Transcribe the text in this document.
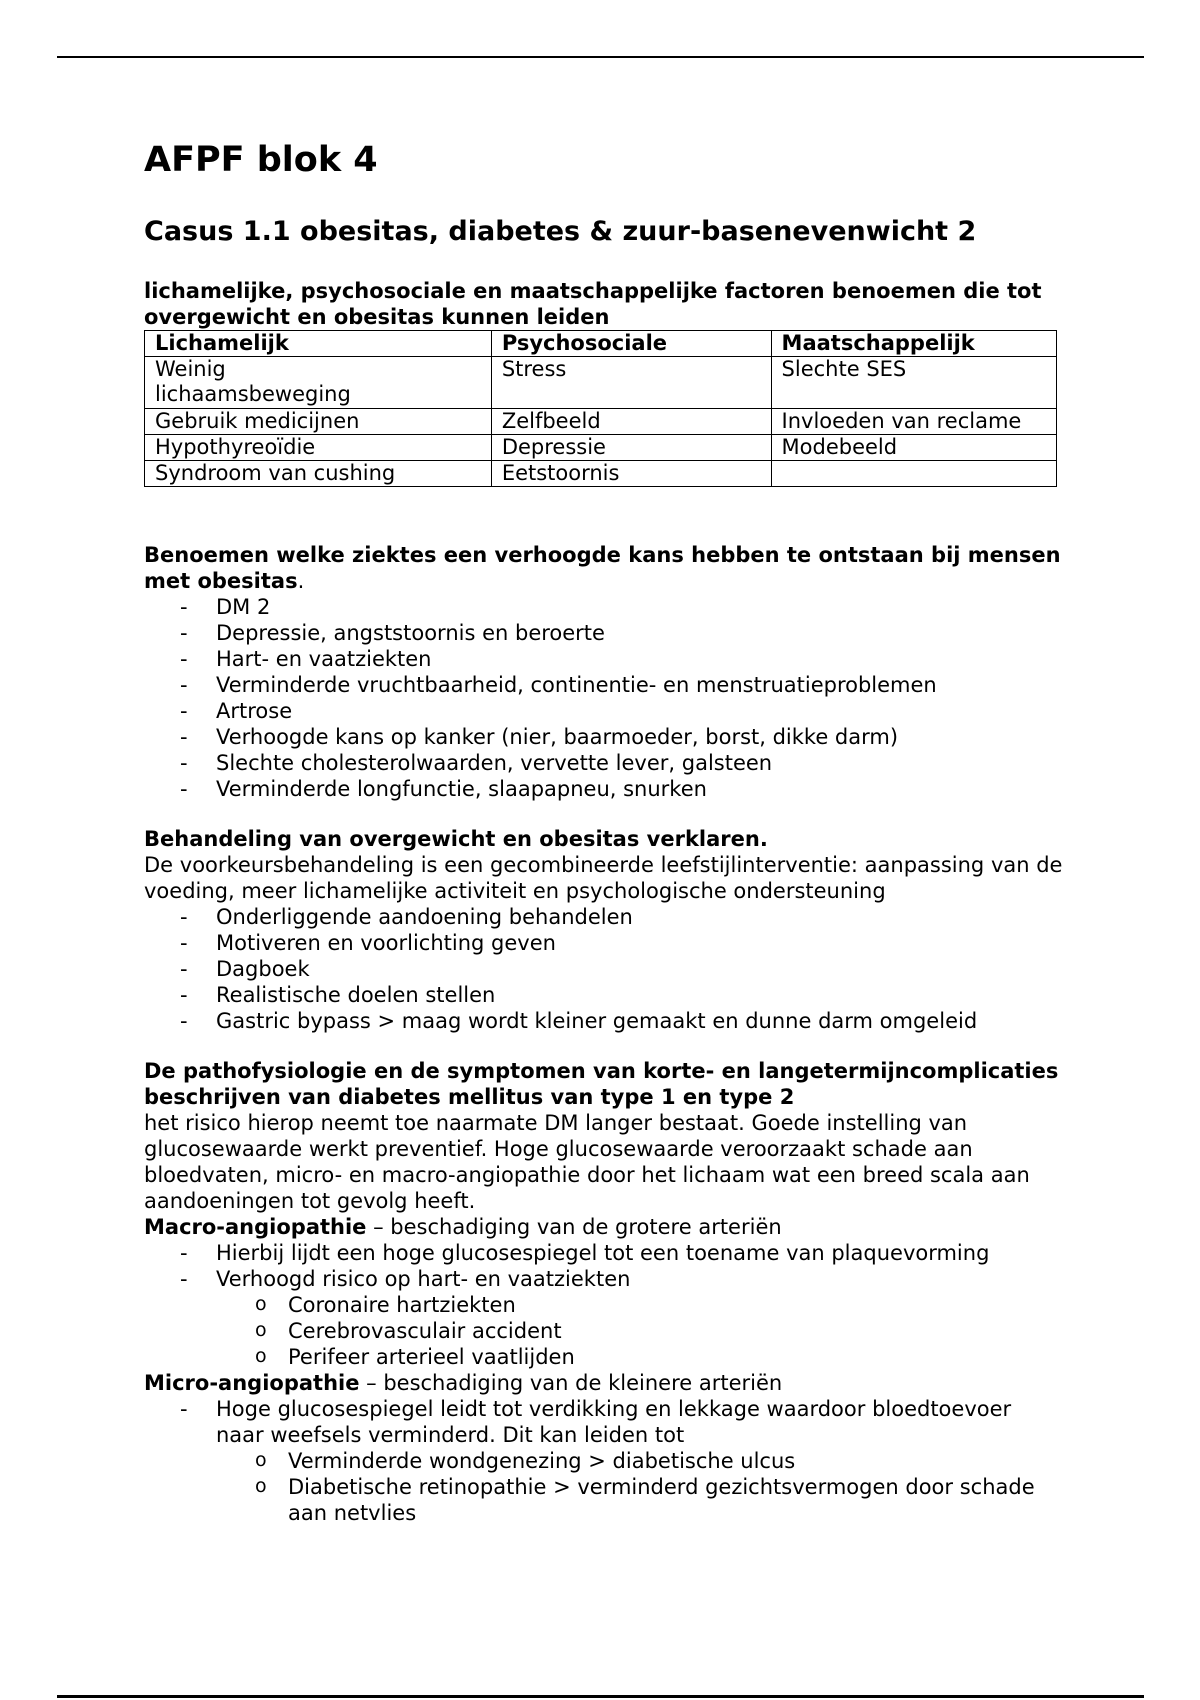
AFPF blok 4
Casus 1.1 obesitas, diabetes & zuur-basenevenwicht 2
lichamelijke, psychosociale en maatschappelijke factoren benoemen die tot overgewicht en obesitas kunnen leiden
Lichamelijk	Psychosociale	Maatschappelijk
Weinig lichaamsbeweging	Stress	Slechte SES
Gebruik medicijnen	Zelfbeeld	Invloeden van reclame
Hypothyreoïdie	Depressie	Modebeeld
Syndroom van cushing	Eetstoornis	
Benoemen welke ziektes een verhoogde kans hebben te ontstaan bij mensen met obesitas.
- DM 2
- Depressie, angststoornis en beroerte
- Hart- en vaatziekten
- Verminderde vruchtbaarheid, continentie- en menstruatieproblemen
- Artrose
- Verhoogde kans op kanker (nier, baarmoeder, borst, dikke darm)
- Slechte cholesterolwaarden, vervette lever, galsteen
- Verminderde longfunctie, slaapapneu, snurken
Behandeling van overgewicht en obesitas verklaren.
De voorkeursbehandeling is een gecombineerde leefstijlinterventie: aanpassing van de voeding, meer lichamelijke activiteit en psychologische ondersteuning
- Onderliggende aandoening behandelen
- Motiveren en voorlichting geven
- Dagboek
- Realistische doelen stellen
- Gastric bypass > maag wordt kleiner gemaakt en dunne darm omgeleid
De pathofysiologie en de symptomen van korte- en langetermijncomplicaties beschrijven van diabetes mellitus van type 1 en type 2
het risico hierop neemt toe naarmate DM langer bestaat. Goede instelling van glucosewaarde werkt preventief. Hoge glucosewaarde veroorzaakt schade aan bloedvaten, micro- en macro-angiopathie door het lichaam wat een breed scala aan aandoeningen tot gevolg heeft.
Macro-angiopathie – beschadiging van de grotere arteriën
- Hierbij lijdt een hoge glucosespiegel tot een toename van plaquevorming
- Verhoogd risico op hart- en vaatziekten
o Coronaire hartziekten
o Cerebrovasculair accident
o Perifeer arterieel vaatlijden
Micro-angiopathie – beschadiging van de kleinere arteriën
- Hoge glucosespiegel leidt tot verdikking en lekkage waardoor bloedtoevoer naar weefsels verminderd. Dit kan leiden tot
o Verminderde wondgenezing > diabetische ulcus
o Diabetische retinopathie > verminderd gezichtsvermogen door schade aan netvlies
